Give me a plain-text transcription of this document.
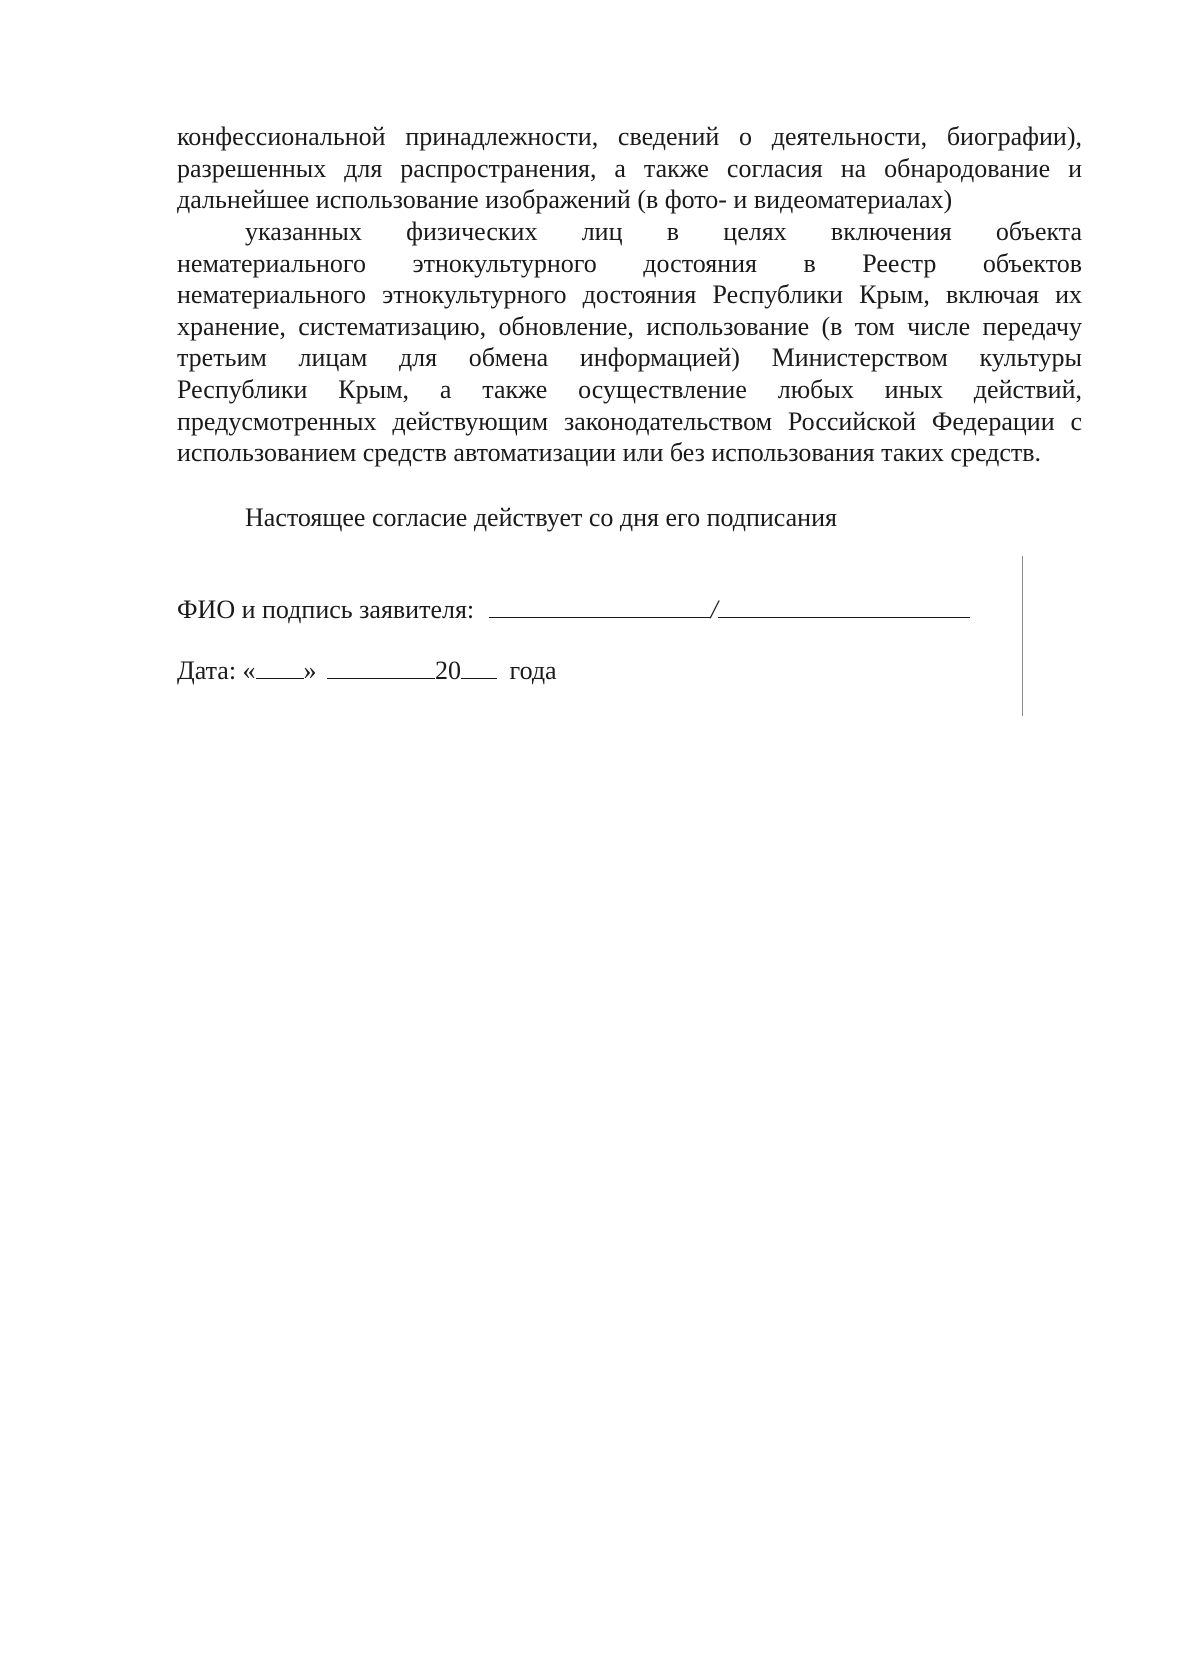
конфессиональной принадлежности, сведений о деятельности, биографии),
разрешенных для распространения, а также согласия на обнародование и
дальнейшее использование изображений (в фото- и видеоматериалах)
указанных физических лиц в целях включения объекта
нематериального этнокультурного достояния в Реестр объектов
нематериального этнокультурного достояния Республики Крым, включая их
хранение, систематизацию, обновление, использование (в том числе передачу
третьим лицам для обмена информацией) Министерством культуры
Республики Крым, а также осуществление любых иных действий,
предусмотренных действующим законодательством Российской Федерации с
использованием средств автоматизации или без использования таких средств.
Настоящее согласие действует со дня его подписания
ФИО и подпись заявителя:	/
Дата: « »	20 года
